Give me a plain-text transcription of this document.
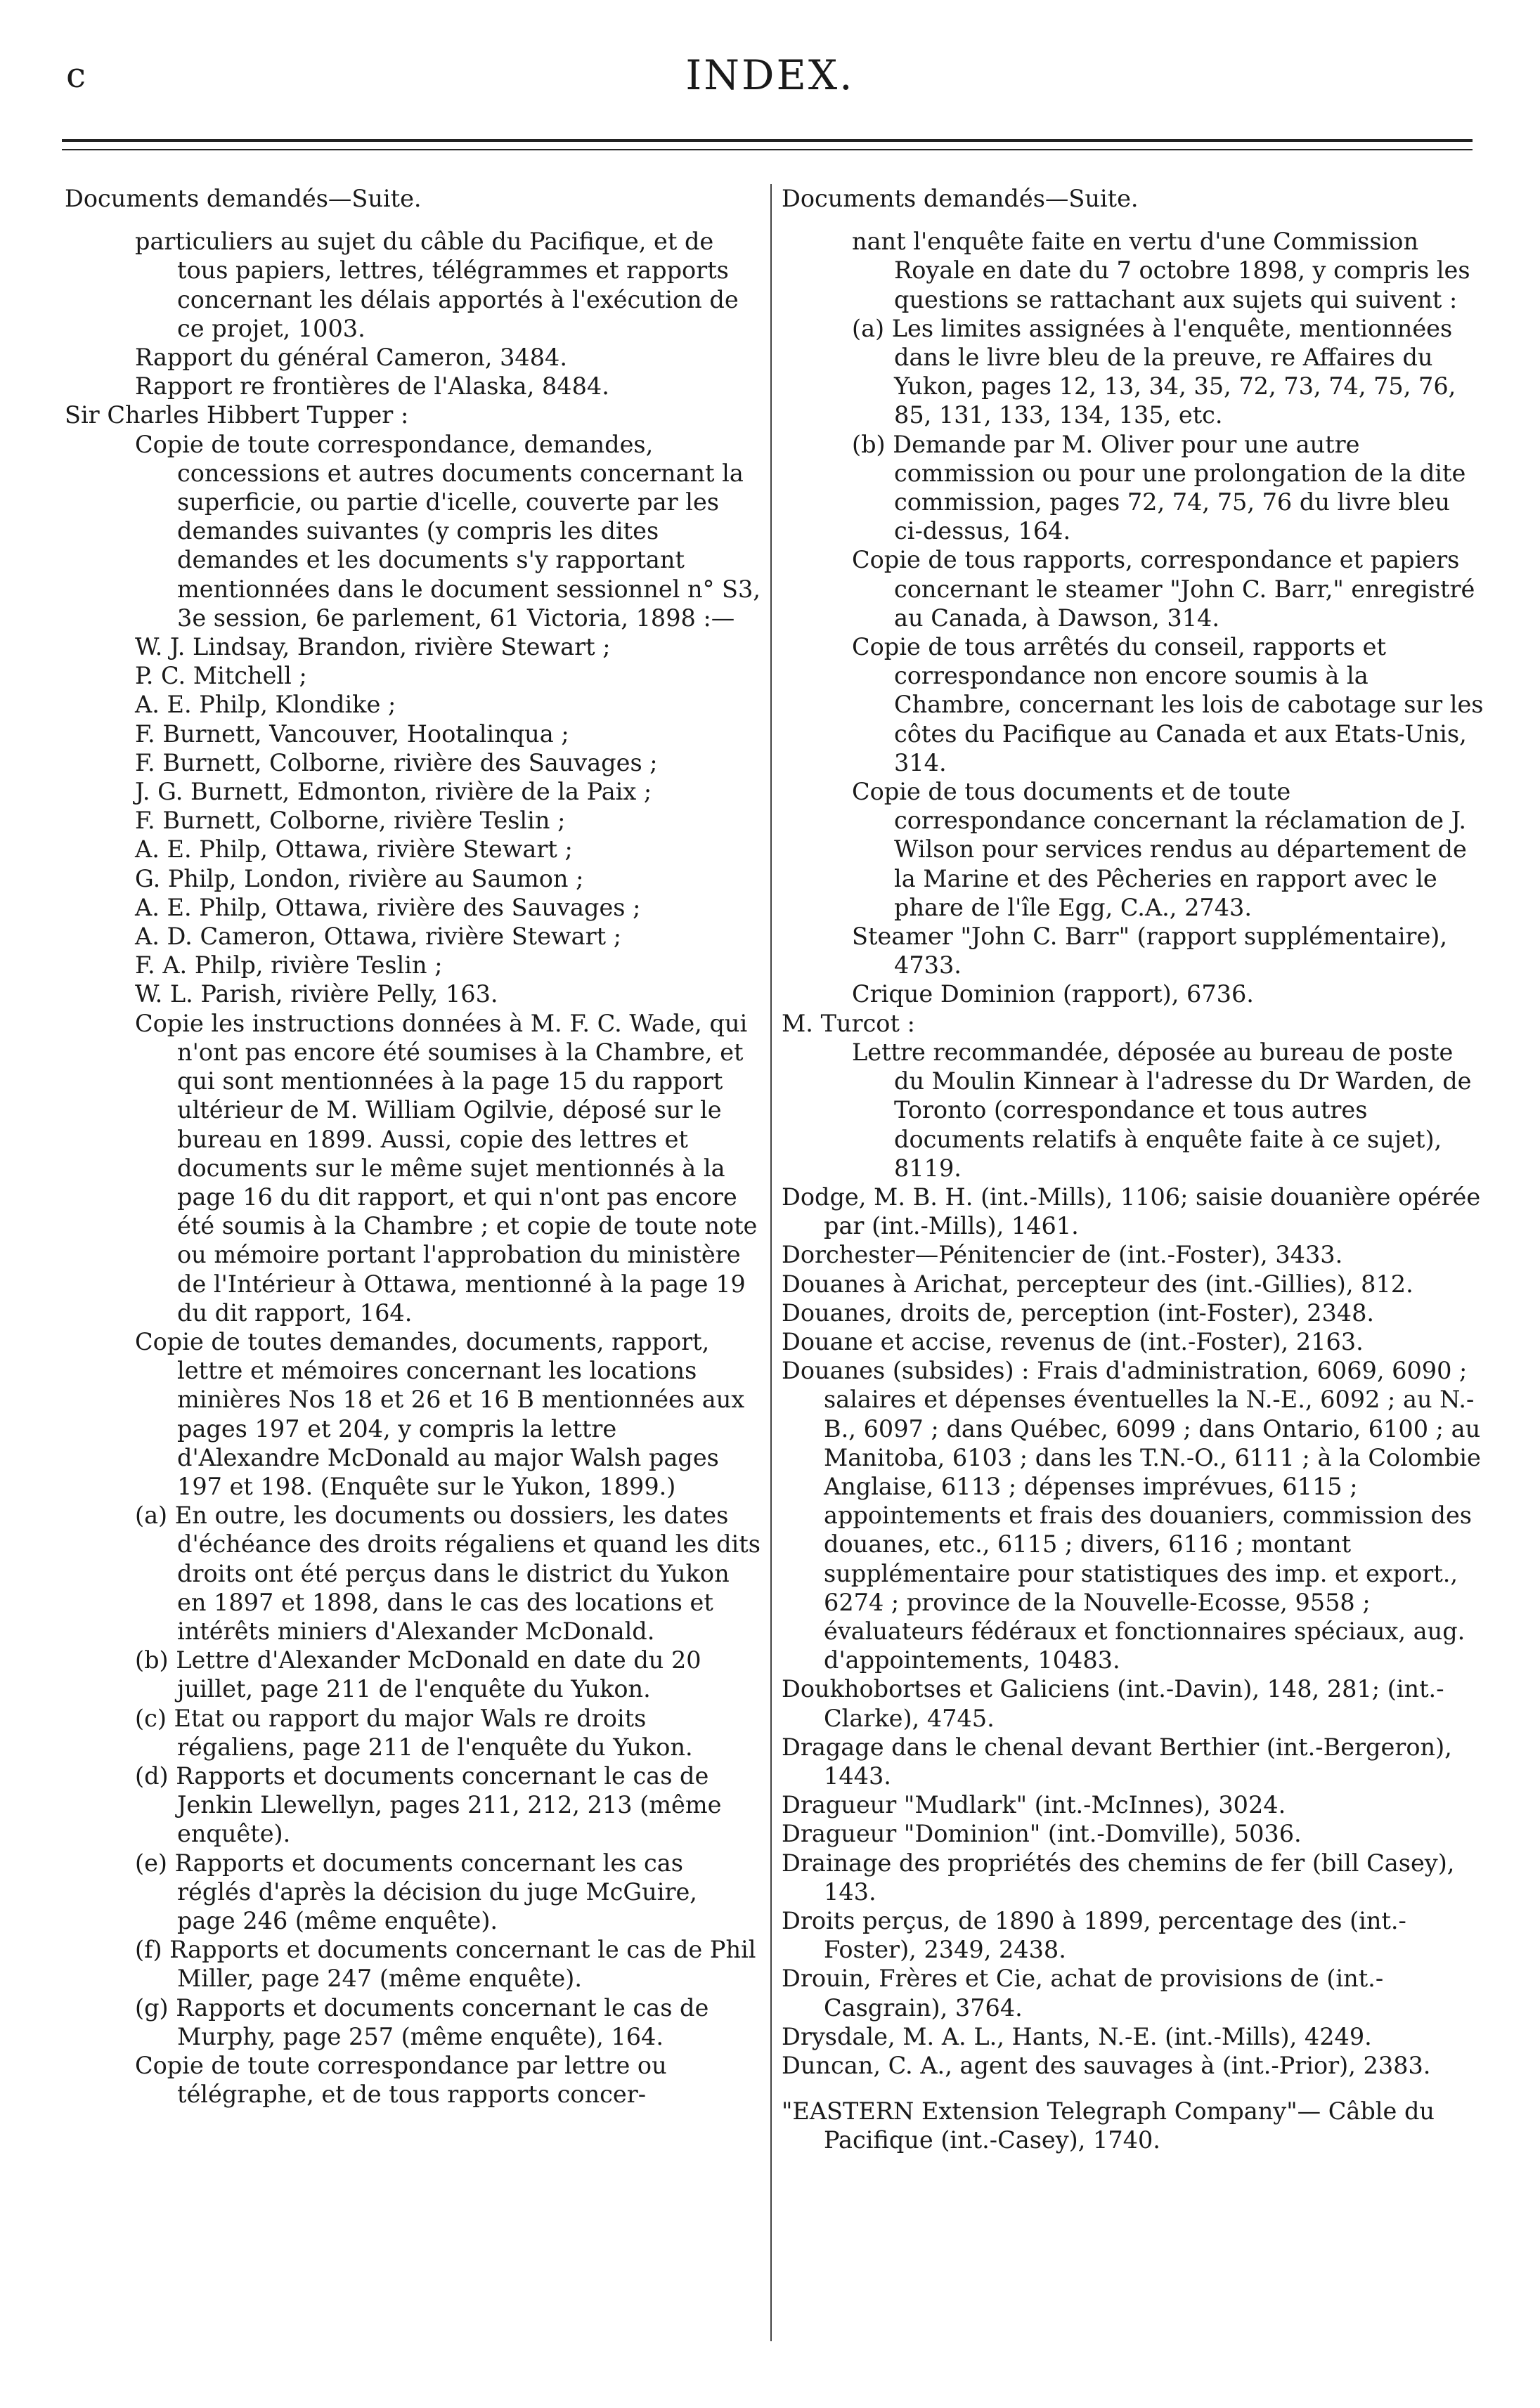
c	INDEX.

Documents demandés—Suite.

particuliers au sujet du câble du Pacifique, et de tous papiers, lettres, télégrammes et rapports concernant les délais apportés à l'exécution de ce projet, 1003.

Rapport du général Cameron, 3484.

Rapport re frontières de l'Alaska, 8484.

Sir Charles Hibbert Tupper :

Copie de toute correspondance, demandes, concessions et autres documents concernant la superficie, ou partie d'icelle, couverte par les demandes suivantes (y compris les dites demandes et les documents s'y rapportant mentionnées dans le document sessionnel n° S3, 3e session, 6e parlement, 61 Victoria, 1898 :—

W. J. Lindsay, Brandon, rivière Stewart ;

P. C. Mitchell ;

A. E. Philp, Klondike ;

F. Burnett, Vancouver, Hootalinqua ;

F. Burnett, Colborne, rivière des Sauvages ;

J. G. Burnett, Edmonton, rivière de la Paix ;

F. Burnett, Colborne, rivière Teslin ;

A. E. Philp, Ottawa, rivière Stewart ;

G. Philp, London, rivière au Saumon ;

A. E. Philp, Ottawa, rivière des Sauvages ;

A. D. Cameron, Ottawa, rivière Stewart ;

F. A. Philp, rivière Teslin ;

W. L. Parish, rivière Pelly, 163.

Copie les instructions données à M. F. C. Wade, qui n'ont pas encore été soumises à la Chambre, et qui sont mentionnées à la page 15 du rapport ultérieur de M. William Ogilvie, déposé sur le bureau en 1899. Aussi, copie des lettres et documents sur le même sujet mentionnés à la page 16 du dit rapport, et qui n'ont pas encore été soumis à la Chambre ; et copie de toute note ou mémoire portant l'approbation du ministère de l'Intérieur à Ottawa, mentionné à la page 19 du dit rapport, 164.

Copie de toutes demandes, documents, rapport, lettre et mémoires concernant les locations minières Nos 18 et 26 et 16 B mentionnées aux pages 197 et 204, y compris la lettre d'Alexandre McDonald au major Walsh pages 197 et 198. (Enquête sur le Yukon, 1899.)

(a) En outre, les documents ou dossiers, les dates d'échéance des droits régaliens et quand les dits droits ont été perçus dans le district du Yukon en 1897 et 1898, dans le cas des locations et intérêts miniers d'Alexander McDonald.

(b) Lettre d'Alexander McDonald en date du 20 juillet, page 211 de l'enquête du Yukon.

(c) Etat ou rapport du major Wals re droits régaliens, page 211 de l'enquête du Yukon.

(d) Rapports et documents concernant le cas de Jenkin Llewellyn, pages 211, 212, 213 (même enquête).

(e) Rapports et documents concernant les cas réglés d'après la décision du juge McGuire, page 246 (même enquête).

(f) Rapports et documents concernant le cas de Phil Miller, page 247 (même enquête).

(g) Rapports et documents concernant le cas de Murphy, page 257 (même enquête), 164.

Copie de toute correspondance par lettre ou télégraphe, et de tous rapports concer-

Documents demandés—Suite.

nant l'enquête faite en vertu d'une Commission Royale en date du 7 octobre 1898, y compris les questions se rattachant aux sujets qui suivent :

(a) Les limites assignées à l'enquête, mentionnées dans le livre bleu de la preuve, re Affaires du Yukon, pages 12, 13, 34, 35, 72, 73, 74, 75, 76, 85, 131, 133, 134, 135, etc.

(b) Demande par M. Oliver pour une autre commission ou pour une prolongation de la dite commission, pages 72, 74, 75, 76 du livre bleu ci-dessus, 164.

Copie de tous rapports, correspondance et papiers concernant le steamer "John C. Barr," enregistré au Canada, à Dawson, 314.

Copie de tous arrêtés du conseil, rapports et correspondance non encore soumis à la Chambre, concernant les lois de cabotage sur les côtes du Pacifique au Canada et aux Etats-Unis, 314.

Copie de tous documents et de toute correspondance concernant la réclamation de J. Wilson pour services rendus au département de la Marine et des Pêcheries en rapport avec le phare de l'île Egg, C.A., 2743.

Steamer "John C. Barr" (rapport supplémentaire), 4733.

Crique Dominion (rapport), 6736.

M. Turcot :

Lettre recommandée, déposée au bureau de poste du Moulin Kinnear à l'adresse du Dr Warden, de Toronto (correspondance et tous autres documents relatifs à enquête faite à ce sujet), 8119.

Dodge, M. B. H. (int.-Mills), 1106; saisie douanière opérée par (int.-Mills), 1461.

Dorchester—Pénitencier de (int.-Foster), 3433.

Douanes à Arichat, percepteur des (int.-Gillies), 812.

Douanes, droits de, perception (int-Foster), 2348.

Douane et accise, revenus de (int.-Foster), 2163.

Douanes (subsides) : Frais d'administration, 6069, 6090 ; salaires et dépenses éventuelles la N.-E., 6092 ; au N.-B., 6097 ; dans Québec, 6099 ; dans Ontario, 6100 ; au Manitoba, 6103 ; dans les T.N.-O., 6111 ; à la Colombie Anglaise, 6113 ; dépenses imprévues, 6115 ; appointements et frais des douaniers, commission des douanes, etc., 6115 ; divers, 6116 ; montant supplémentaire pour statistiques des imp. et export., 6274 ; province de la Nouvelle-Ecosse, 9558 ; évaluateurs fédéraux et fonctionnaires spéciaux, aug. d'appointements, 10483.

Doukhobortses et Galiciens (int.-Davin), 148, 281; (int.-Clarke), 4745.

Dragage dans le chenal devant Berthier (int.-Bergeron), 1443.

Dragueur "Mudlark" (int.-McInnes), 3024.

Dragueur "Dominion" (int.-Domville), 5036.

Drainage des propriétés des chemins de fer (bill Casey), 143.

Droits perçus, de 1890 à 1899, percentage des (int.-Foster), 2349, 2438.

Drouin, Frères et Cie, achat de provisions de (int.-Casgrain), 3764.

Drysdale, M. A. L., Hants, N.-E. (int.-Mills), 4249.

Duncan, C. A., agent des sauvages à (int.-Prior), 2383.

"EASTERN Extension Telegraph Company"— Câble du Pacifique (int.-Casey), 1740.
